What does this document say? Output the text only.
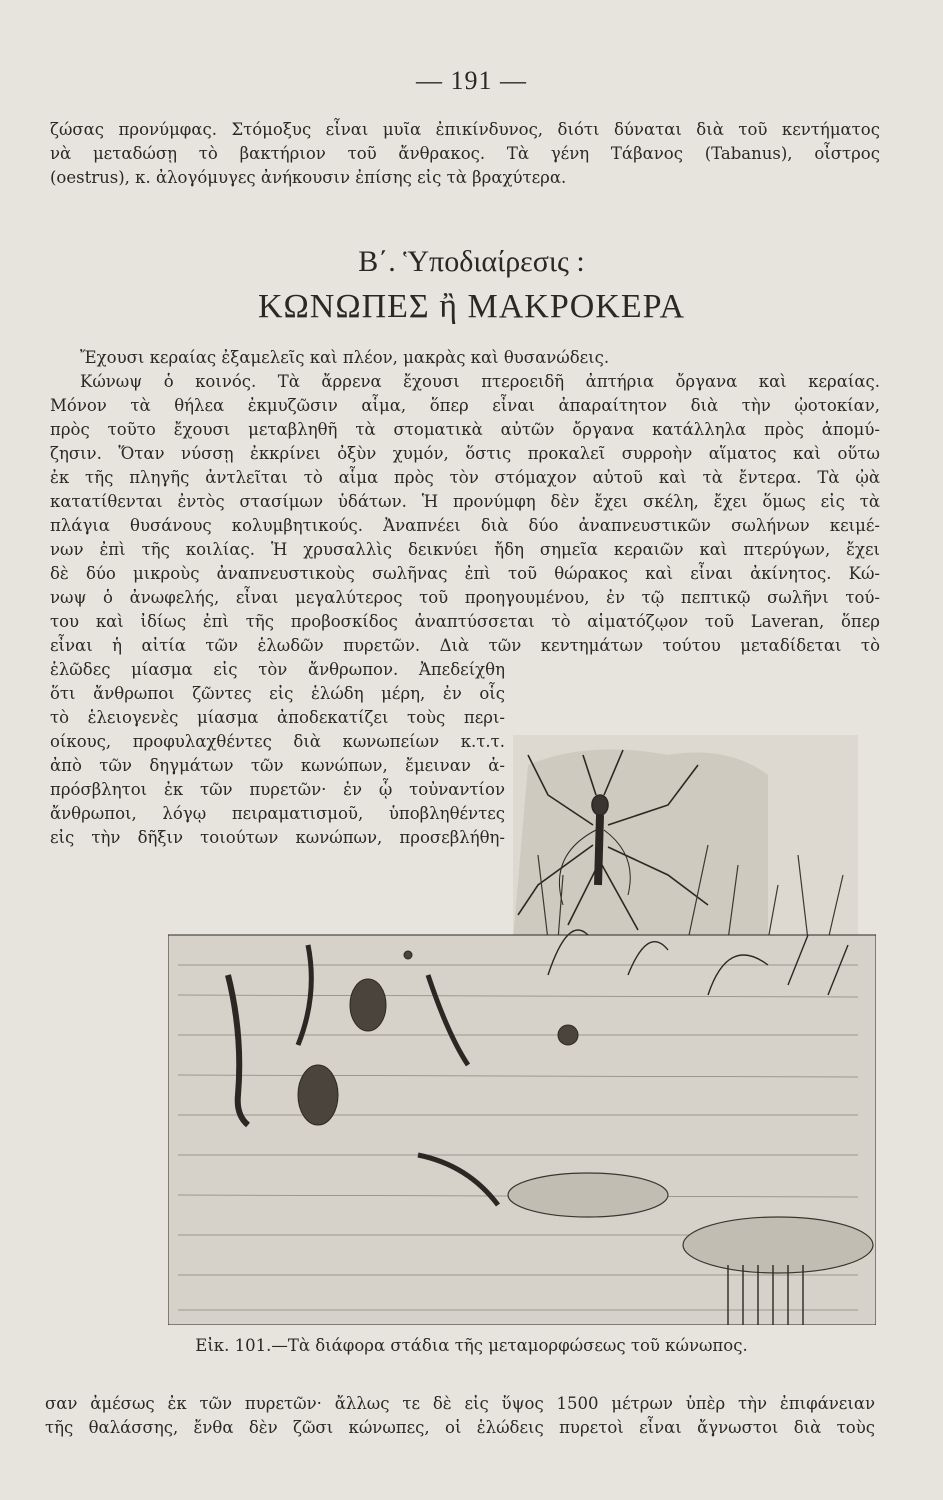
— 191 —
ζώσας προνύμφας. Στόμοξυς εἶναι μυῖα ἐπικίνδυνος, διότι δύναται διὰ τοῦ κεντήματος
νὰ μεταδώσῃ τὸ βακτήριον τοῦ ἄνθρακος. Τὰ γένη Τάβανος (Tabanus), οἶστρος
(oestrus), κ. ἀλογόμυγες ἀνήκουσιν ἐπίσης εἰς τὰ βραχύτερα.
Β΄. Ὑποδιαίρεσις :
ΚΩΝΩΠΕΣ ἢ ΜΑΚΡΟΚΕΡΑ
Ἔχουσι κεραίας ἐξαμελεῖς καὶ πλέον, μακρὰς καὶ θυσανώδεις.
Κώνωψ ὁ κοινός. Τὰ ἄρρενα ἔχουσι πτεροειδῆ ἀπτήρια ὄργανα καὶ κεραίας.
Μόνον τὰ θήλεα ἐκμυζῶσιν αἷμα, ὅπερ εἶναι ἀπαραίτητον διὰ τὴν ᾠοτοκίαν,
πρὸς τοῦτο ἔχουσι μεταβληθῆ τὰ στοματικὰ αὐτῶν ὄργανα κατάλληλα πρὸς ἀπομύ-
ζησιν. Ὅταν νύσσῃ ἐκκρίνει ὀξὺν χυμόν, ὅστις προκαλεῖ συρροὴν αἵματος καὶ οὕτω
ἐκ τῆς πληγῆς ἀντλεῖται τὸ αἷμα πρὸς τὸν στόμαχον αὐτοῦ καὶ τὰ ἔντερα. Τὰ ᾠὰ
κατατίθενται ἐντὸς στασίμων ὑδάτων. Ἡ προνύμφη δὲν ἔχει σκέλη, ἔχει ὅμως εἰς τὰ
πλάγια θυσάνους κολυμβητικούς. Ἀναπνέει διὰ δύο ἀναπνευστικῶν σωλήνων κειμέ-
νων ἐπὶ τῆς κοιλίας. Ἡ χρυσαλλὶς δεικνύει ἤδη σημεῖα κεραιῶν καὶ πτερύγων, ἔχει
δὲ δύο μικροὺς ἀναπνευστικοὺς σωλῆνας ἐπὶ τοῦ θώρακος καὶ εἶναι ἀκίνητος. Κώ-
νωψ ὁ ἀνωφελής, εἶναι μεγαλύτερος τοῦ προηγουμένου, ἐν τῷ πεπτικῷ σωλῆνι τού-
του καὶ ἰδίως ἐπὶ τῆς προβοσκίδος ἀναπτύσσεται τὸ αἱματόζῳον τοῦ Laveran, ὅπερ
εἶναι ἡ αἰτία τῶν ἑλωδῶν πυρετῶν. Διὰ τῶν κεντημάτων τούτου μεταδίδεται τὸ
ἑλῶδες μίασμα εἰς τὸν ἄνθρωπον. Ἀπεδείχθη
ὅτι ἄνθρωποι ζῶντες εἰς ἑλώδη μέρη, ἐν οἷς
τὸ ἑλειογενὲς μίασμα ἀποδεκατίζει τοὺς περι-
οίκους, προφυλαχθέντες διὰ κωνωπείων κ.τ.τ.
ἀπὸ τῶν δηγμάτων τῶν κωνώπων, ἔμειναν ἀ-
πρόσβλητοι ἐκ τῶν πυρετῶν· ἐν ᾧ τοὐναντίον
ἄνθρωποι, λόγῳ πειραματισμοῦ, ὑποβληθέντες
εἰς τὴν δῆξιν τοιούτων κωνώπων, προσεβλήθη-
Εἰκ. 101.—Τὰ διάφορα στάδια τῆς μεταμορφώσεως τοῦ κώνωπος.
σαν ἀμέσως ἐκ τῶν πυρετῶν· ἄλλως τε δὲ εἰς ὕψος 1500 μέτρων ὑπὲρ τὴν ἐπιφάνειαν
τῆς θαλάσσης, ἔνθα δὲν ζῶσι κώνωπες, οἱ ἑλώδεις πυρετοὶ εἶναι ἄγνωστοι διὰ τοὺς
